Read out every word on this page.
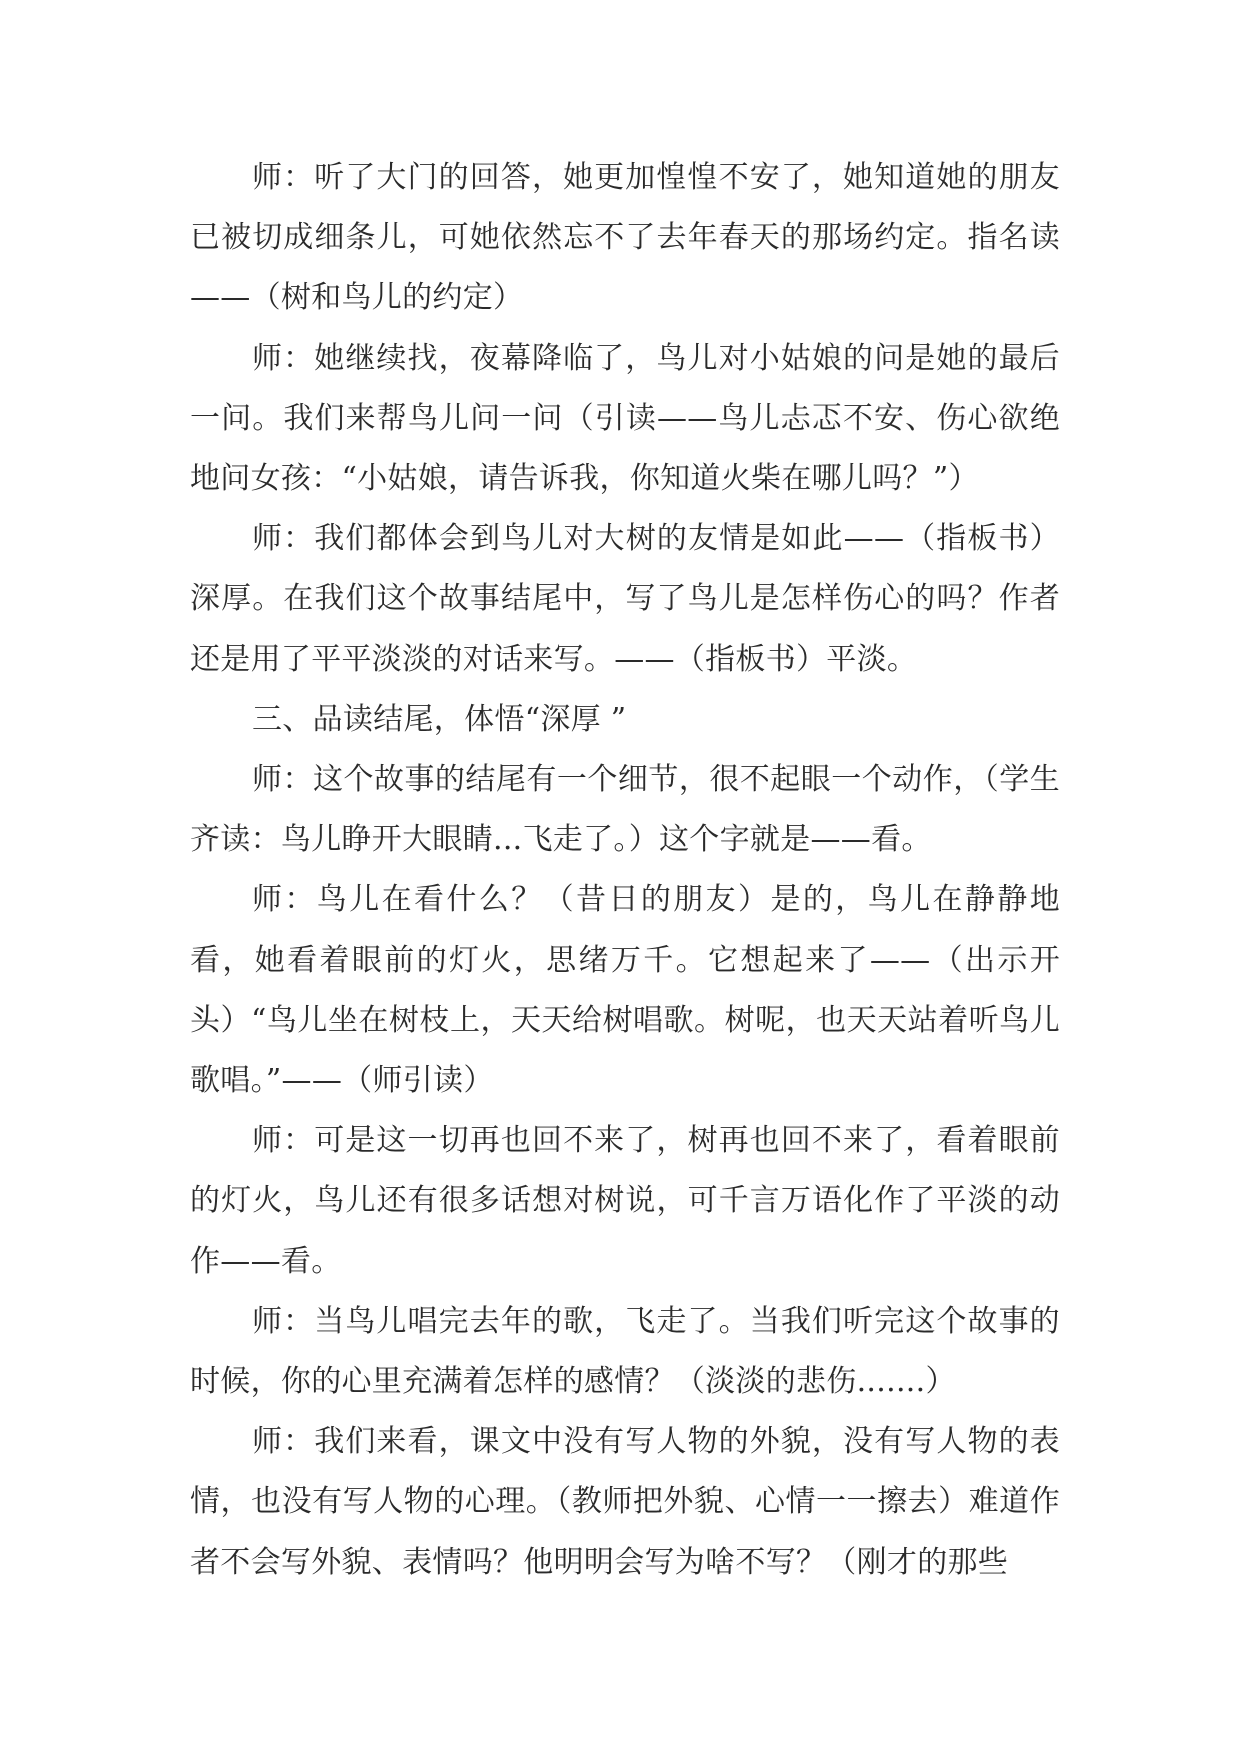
师：听了大门的回答，她更加惶惶不安了，她知道她的朋友已被切成细条儿，可她依然忘不了去年春天的那场约定。指名读——（树和鸟儿的约定）

师：她继续找，夜幕降临了，鸟儿对小姑娘的问是她的最后一问。我们来帮鸟儿问一问（引读——鸟儿忐忑不安、伤心欲绝地问女孩：“小姑娘，请告诉我，你知道火柴在哪儿吗？”）

师：我们都体会到鸟儿对大树的友情是如此——（指板书）深厚。在我们这个故事结尾中，写了鸟儿是怎样伤心的吗？作者还是用了平平淡淡的对话来写。——（指板书）平淡。

三、品读结尾，体悟“深厚 ”

师：这个故事的结尾有一个细节，很不起眼一个动作，（学生齐读：鸟儿睁开大眼睛...飞走了。）这个字就是——看。

师：鸟儿在看什么？（昔日的朋友）是的，鸟儿在静静地看，她看着眼前的灯火，思绪万千。它想起来了——（出示开头）“鸟儿坐在树枝上，天天给树唱歌。树呢，也天天站着听鸟儿歌唱。”——（师引读）

师：可是这一切再也回不来了，树再也回不来了，看着眼前的灯火，鸟儿还有很多话想对树说，可千言万语化作了平淡的动作——看。

师：当鸟儿唱完去年的歌，飞走了。当我们听完这个故事的时候，你的心里充满着怎样的感情？（淡淡的悲伤.......）

师：我们来看，课文中没有写人物的外貌，没有写人物的表情，也没有写人物的心理。（教师把外貌、心情一一擦去）难道作者不会写外貌、表情吗？他明明会写为啥不写？（刚才的那些
